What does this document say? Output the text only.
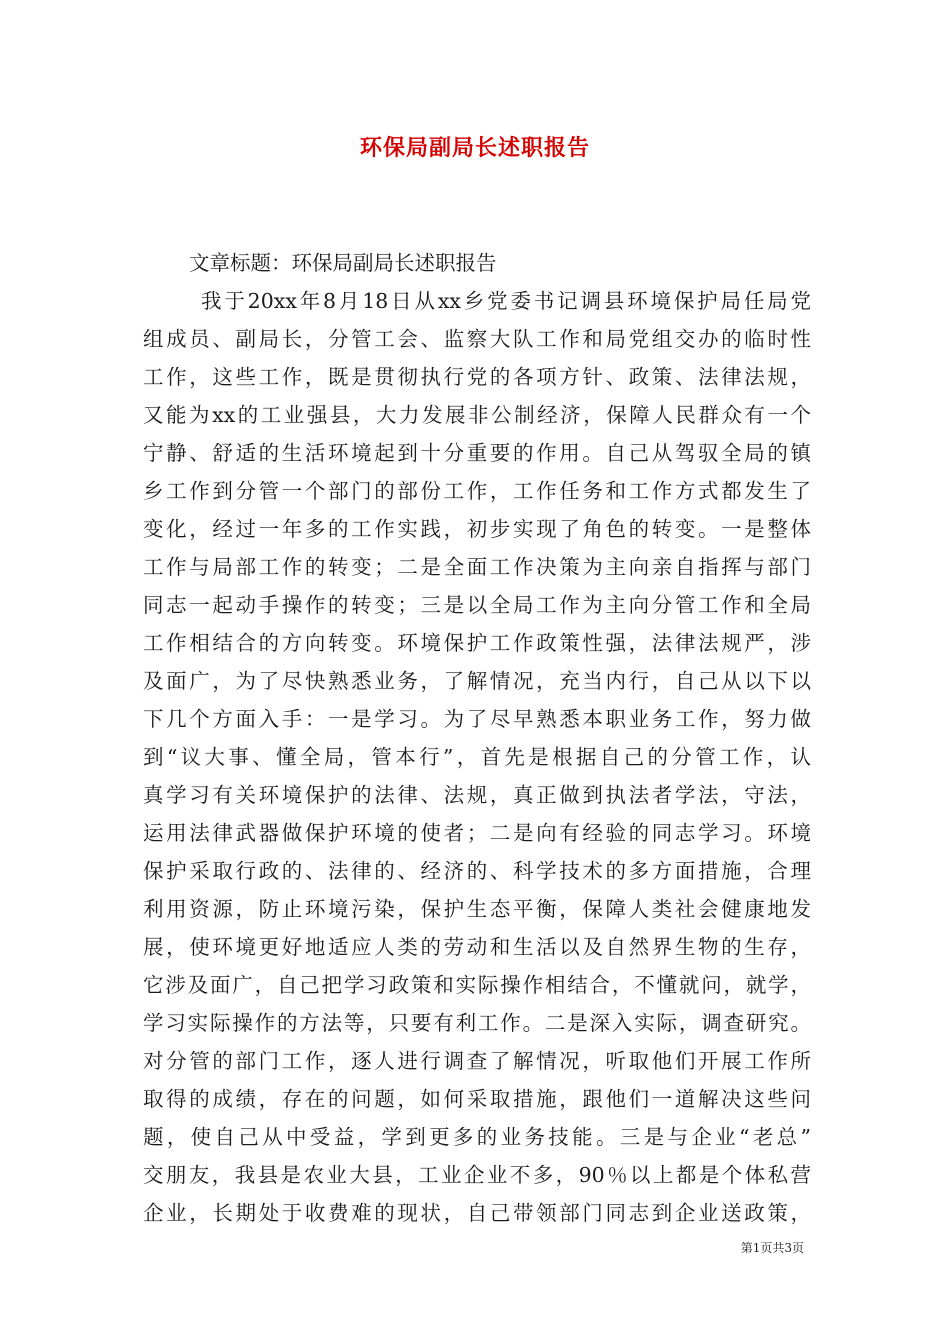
环保局副局长述职报告
文章标题：环保局副局长述职报告
我于20xx年8月18日从xx乡党委书记调县环境保护局任局党
组成员、副局长，分管工会、监察大队工作和局党组交办的临时性
工作，这些工作，既是贯彻执行党的各项方针、政策、法律法规，
又能为xx的工业强县，大力发展非公制经济，保障人民群众有一个
宁静、舒适的生活环境起到十分重要的作用。自己从驾驭全局的镇
乡工作到分管一个部门的部份工作，工作任务和工作方式都发生了
变化，经过一年多的工作实践，初步实现了角色的转变。一是整体
工作与局部工作的转变；二是全面工作决策为主向亲自指挥与部门
同志一起动手操作的转变；三是以全局工作为主向分管工作和全局
工作相结合的方向转变。环境保护工作政策性强，法律法规严，涉
及面广，为了尽快熟悉业务，了解情况，充当内行，自己从以下以
下几个方面入手：一是学习。为了尽早熟悉本职业务工作，努力做
到“议大事、懂全局，管本行”，首先是根据自己的分管工作，认
真学习有关环境保护的法律、法规，真正做到执法者学法，守法，
运用法律武器做保护环境的使者；二是向有经验的同志学习。环境
保护采取行政的、法律的、经济的、科学技术的多方面措施，合理
利用资源，防止环境污染，保护生态平衡，保障人类社会健康地发
展，使环境更好地适应人类的劳动和生活以及自然界生物的生存，
它涉及面广，自己把学习政策和实际操作相结合，不懂就问，就学，
学习实际操作的方法等，只要有利工作。二是深入实际，调查研究。
对分管的部门工作，逐人进行调查了解情况，听取他们开展工作所
取得的成绩，存在的问题，如何采取措施，跟他们一道解决这些问
题，使自己从中受益，学到更多的业务技能。三是与企业“老总”
交朋友，我县是农业大县，工业企业不多，90％以上都是个体私营
企业，长期处于收费难的现状，自己带领部门同志到企业送政策，
第1页共3页
